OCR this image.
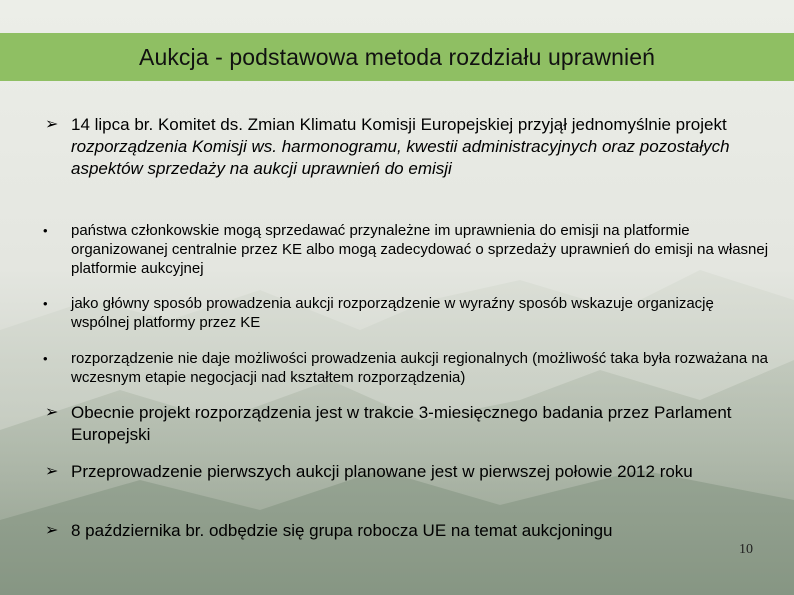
Aukcja - podstawowa metoda rozdziału uprawnień
➢ 14 lipca br. Komitet ds. Zmian Klimatu Komisji Europejskiej przyjął jednomyślnie projekt rozporządzenia Komisji ws. harmonogramu, kwestii administracyjnych oraz pozostałych aspektów sprzedaży na aukcji uprawnień do emisji
• państwa członkowskie mogą sprzedawać przynależne im uprawnienia do emisji na platformie organizowanej centralnie przez KE albo mogą zadecydować o sprzedaży uprawnień do emisji na własnej platformie aukcyjnej
• jako główny sposób prowadzenia aukcji rozporządzenie w wyraźny sposób wskazuje organizację wspólnej platformy przez KE
• rozporządzenie nie daje możliwości prowadzenia aukcji regionalnych (możliwość taka była rozważana na wczesnym etapie negocjacji nad kształtem rozporządzenia)
➢ Obecnie projekt rozporządzenia jest w trakcie 3-miesięcznego badania przez Parlament Europejski
➢ Przeprowadzenie pierwszych aukcji planowane jest w pierwszej połowie 2012 roku
➢ 8 października br. odbędzie się grupa robocza UE na temat aukcjoningu
10
